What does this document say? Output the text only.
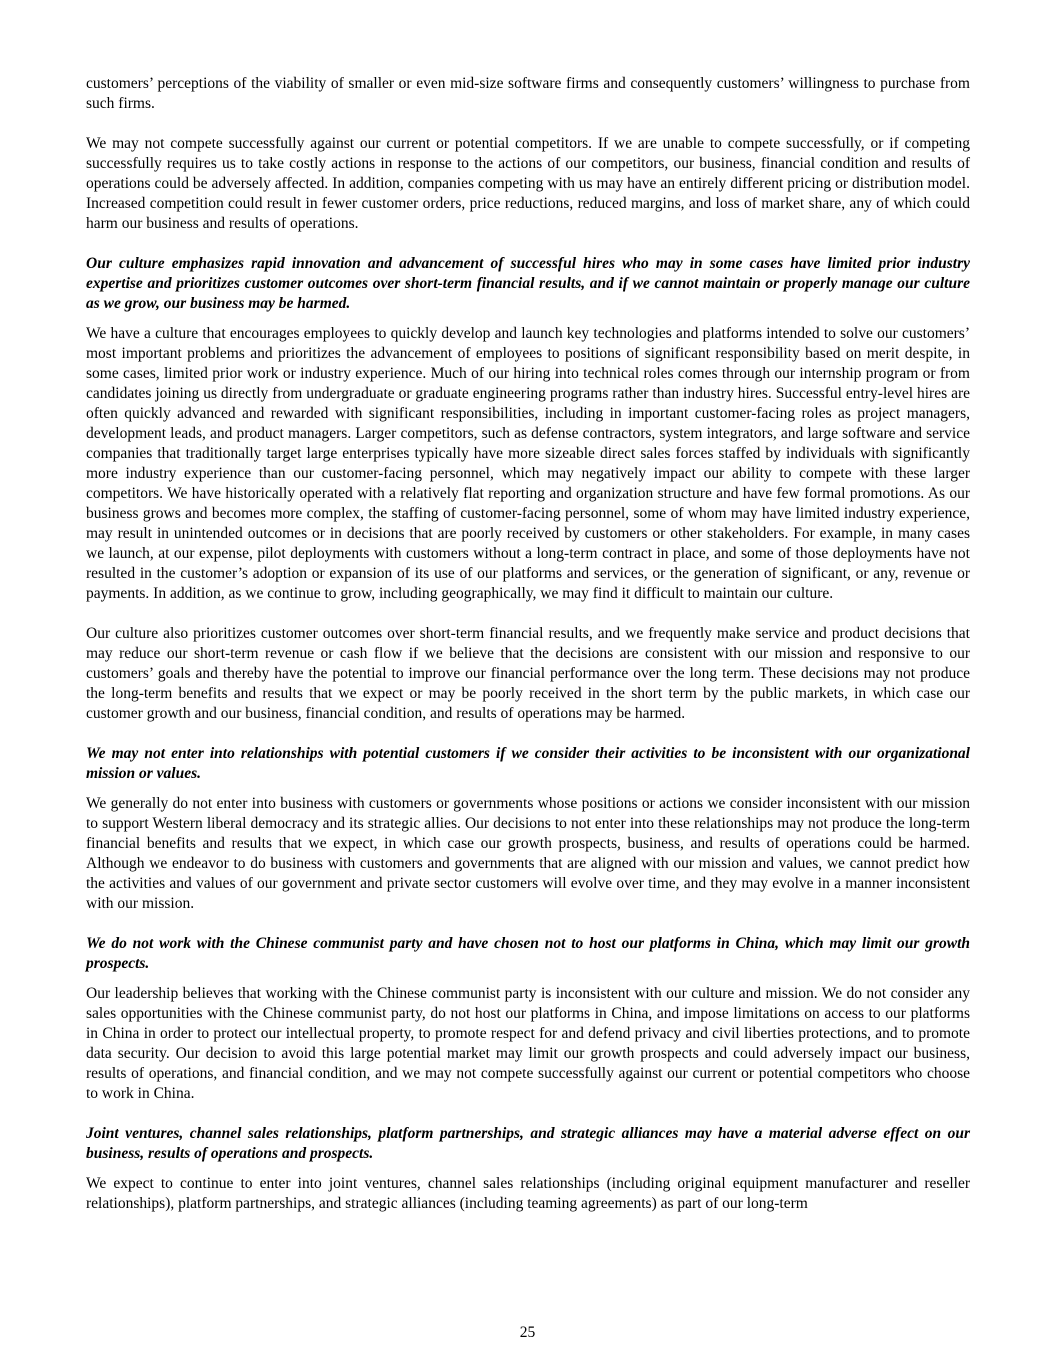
customers’ perceptions of the viability of smaller or even mid-size software firms and consequently customers’ willingness to purchase from such firms.

We may not compete successfully against our current or potential competitors. If we are unable to compete successfully, or if competing successfully requires us to take costly actions in response to the actions of our competitors, our business, financial condition and results of operations could be adversely affected. In addition, companies competing with us may have an entirely different pricing or distribution model. Increased competition could result in fewer customer orders, price reductions, reduced margins, and loss of market share, any of which could harm our business and results of operations.

Our culture emphasizes rapid innovation and advancement of successful hires who may in some cases have limited prior industry expertise and prioritizes customer outcomes over short-term financial results, and if we cannot maintain or properly manage our culture as we grow, our business may be harmed.

We have a culture that encourages employees to quickly develop and launch key technologies and platforms intended to solve our customers’ most important problems and prioritizes the advancement of employees to positions of significant responsibility based on merit despite, in some cases, limited prior work or industry experience. Much of our hiring into technical roles comes through our internship program or from candidates joining us directly from undergraduate or graduate engineering programs rather than industry hires. Successful entry-level hires are often quickly advanced and rewarded with significant responsibilities, including in important customer-facing roles as project managers, development leads, and product managers. Larger competitors, such as defense contractors, system integrators, and large software and service companies that traditionally target large enterprises typically have more sizeable direct sales forces staffed by individuals with significantly more industry experience than our customer-facing personnel, which may negatively impact our ability to compete with these larger competitors. We have historically operated with a relatively flat reporting and organization structure and have few formal promotions. As our business grows and becomes more complex, the staffing of customer-facing personnel, some of whom may have limited industry experience, may result in unintended outcomes or in decisions that are poorly received by customers or other stakeholders. For example, in many cases we launch, at our expense, pilot deployments with customers without a long-term contract in place, and some of those deployments have not resulted in the customer’s adoption or expansion of its use of our platforms and services, or the generation of significant, or any, revenue or payments. In addition, as we continue to grow, including geographically, we may find it difficult to maintain our culture.

Our culture also prioritizes customer outcomes over short-term financial results, and we frequently make service and product decisions that may reduce our short-term revenue or cash flow if we believe that the decisions are consistent with our mission and responsive to our customers’ goals and thereby have the potential to improve our financial performance over the long term. These decisions may not produce the long-term benefits and results that we expect or may be poorly received in the short term by the public markets, in which case our customer growth and our business, financial condition, and results of operations may be harmed.

We may not enter into relationships with potential customers if we consider their activities to be inconsistent with our organizational mission or values.

We generally do not enter into business with customers or governments whose positions or actions we consider inconsistent with our mission to support Western liberal democracy and its strategic allies. Our decisions to not enter into these relationships may not produce the long-term financial benefits and results that we expect, in which case our growth prospects, business, and results of operations could be harmed. Although we endeavor to do business with customers and governments that are aligned with our mission and values, we cannot predict how the activities and values of our government and private sector customers will evolve over time, and they may evolve in a manner inconsistent with our mission.

We do not work with the Chinese communist party and have chosen not to host our platforms in China, which may limit our growth prospects.

Our leadership believes that working with the Chinese communist party is inconsistent with our culture and mission. We do not consider any sales opportunities with the Chinese communist party, do not host our platforms in China, and impose limitations on access to our platforms in China in order to protect our intellectual property, to promote respect for and defend privacy and civil liberties protections, and to promote data security. Our decision to avoid this large potential market may limit our growth prospects and could adversely impact our business, results of operations, and financial condition, and we may not compete successfully against our current or potential competitors who choose to work in China.

Joint ventures, channel sales relationships, platform partnerships, and strategic alliances may have a material adverse effect on our business, results of operations and prospects.

We expect to continue to enter into joint ventures, channel sales relationships (including original equipment manufacturer and reseller relationships), platform partnerships, and strategic alliances (including teaming agreements) as part of our long-term

25
